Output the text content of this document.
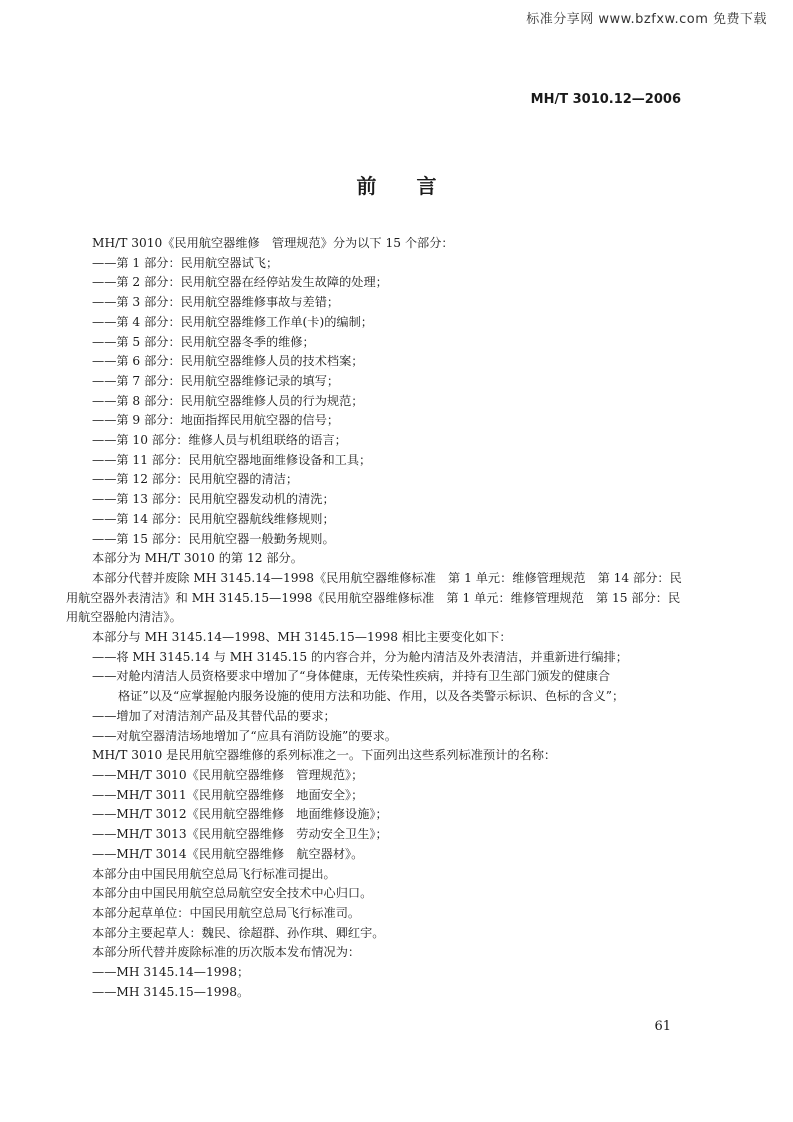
标准分享网 www.bzfxw.com 免费下载
MH/T 3010.12—2006
前言

MH/T 3010《民用航空器维修　管理规范》分为以下 15 个部分：

——第 1 部分：民用航空器试飞；

——第 2 部分：民用航空器在经停站发生故障的处理；

——第 3 部分：民用航空器维修事故与差错；

——第 4 部分：民用航空器维修工作单(卡)的编制；

——第 5 部分：民用航空器冬季的维修；

——第 6 部分：民用航空器维修人员的技术档案；

——第 7 部分：民用航空器维修记录的填写；

——第 8 部分：民用航空器维修人员的行为规范；

——第 9 部分：地面指挥民用航空器的信号；

——第 10 部分：维修人员与机组联络的语言；

——第 11 部分：民用航空器地面维修设备和工具；

——第 12 部分：民用航空器的清洁；

——第 13 部分：民用航空器发动机的清洗；

——第 14 部分：民用航空器航线维修规则；

——第 15 部分：民用航空器一般勤务规则。

本部分为 MH/T 3010 的第 12 部分。

本部分代替并废除 MH 3145.14—1998《民用航空器维修标准　第 1 单元：维修管理规范　第 14 部分：民用航空器外表清洁》和 MH 3145.15—1998《民用航空器维修标准　第 1 单元：维修管理规范　第 15 部分：民用航空器舱内清洁》。

本部分与 MH 3145.14—1998、MH 3145.15—1998 相比主要变化如下：

——将 MH 3145.14 与 MH 3145.15 的内容合并，分为舱内清洁及外表清洁，并重新进行编排；

——对舱内清洁人员资格要求中增加了“身体健康，无传染性疾病，并持有卫生部门颁发的健康合

格证”以及“应掌握舱内服务设施的使用方法和功能、作用，以及各类警示标识、色标的含义”；

——增加了对清洁剂产品及其替代品的要求；

——对航空器清洁场地增加了“应具有消防设施”的要求。

MH/T 3010 是民用航空器维修的系列标准之一。下面列出这些系列标准预计的名称：

——MH/T 3010《民用航空器维修　管理规范》；

——MH/T 3011《民用航空器维修　地面安全》；

——MH/T 3012《民用航空器维修　地面维修设施》；

——MH/T 3013《民用航空器维修　劳动安全卫生》；

——MH/T 3014《民用航空器维修　航空器材》。

本部分由中国民用航空总局飞行标准司提出。

本部分由中国民用航空总局航空安全技术中心归口。

本部分起草单位：中国民用航空总局飞行标准司。

本部分主要起草人：魏民、徐超群、孙作琪、卿红宇。

本部分所代替并废除标准的历次版本发布情况为：

——MH 3145.14—1998；

——MH 3145.15—1998。

61
